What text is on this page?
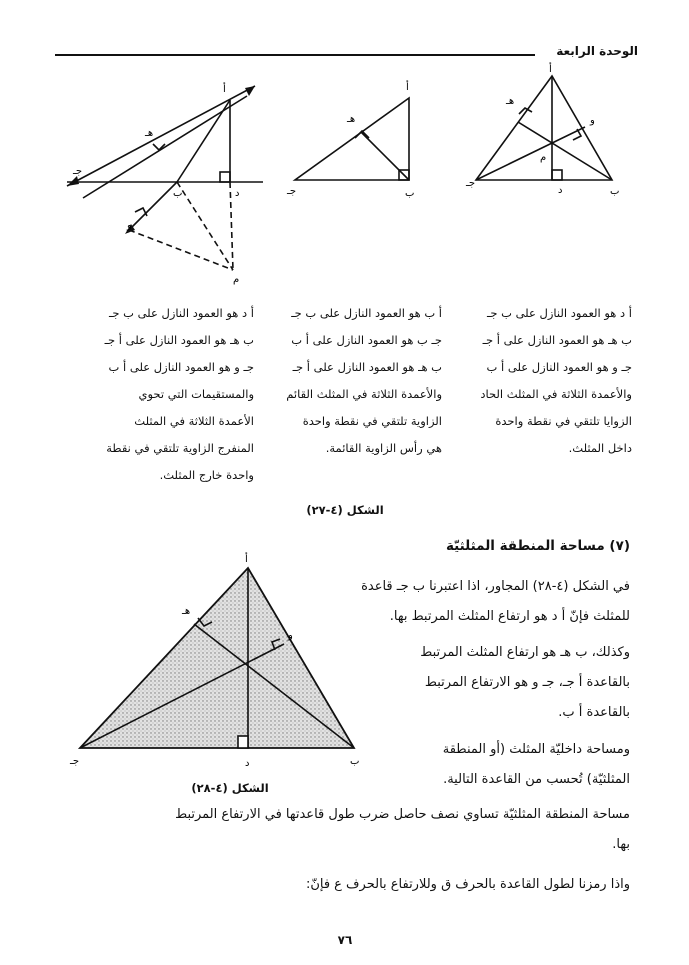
الوحدة الرابعة
أ
ب
جـ
د
هـ
و
م
أ
ب
جـ
هـ
أ
ب
جـ
د
هـ
و
م
أ د هو العمود النازل على ب جـ
ب هـ هو العمود النازل على أ جـ
جـ و هو العمود النازل على أ ب
والأعمدة الثلاثة في المثلث الحاد
الزوايا تلتقي في نقطة واحدة
داخل المثلث.
أ ب هو العمود النازل على ب جـ
جـ ب هو العمود النازل على أ ب
ب هـ هو العمود النازل على أ جـ
والأعمدة الثلاثة في المثلث القائم
الزاوية تلتقي في نقطة واحدة
هي رأس الزاوية القائمة.
أ د هو العمود النازل على ب جـ
ب هـ هو العمود النازل على أ جـ
جـ و هو العمود النازل على أ ب
والمستقيمات التي تحوي
الأعمدة الثلاثة في المثلث
المنفرج الزاوية تلتقي في نقطة
واحدة خارج المثلث.
الشكل (٤-٢٧)
(٧) مساحة المنطقة المثلثيّة
أ
ب
جـ	د
هـ
و
الشكل (٤-٢٨)
في الشكل (٤-٢٨) المجاور، اذا اعتبرنا ب جـ قاعدة
للمثلث فإنّ أ د هو ارتفاع المثلث المرتبط بها.
وكذلك، ب هـ هو ارتفاع المثلث المرتبط
بالقاعدة أ جـ، جـ و هو الارتفاع المرتبط
بالقاعدة أ ب.
ومساحة داخليّة المثلث (أو المنطقة
المثلثيّة) تُحسب من القاعدة التالية.
مساحة المنطقة المثلثيّة تساوي نصف حاصل ضرب طول قاعدتها في الارتفاع المرتبط
بها.
واذا رمزنا لطول القاعدة بالحرف ق وللارتفاع بالحرف ع فإنّ:
٧٦
